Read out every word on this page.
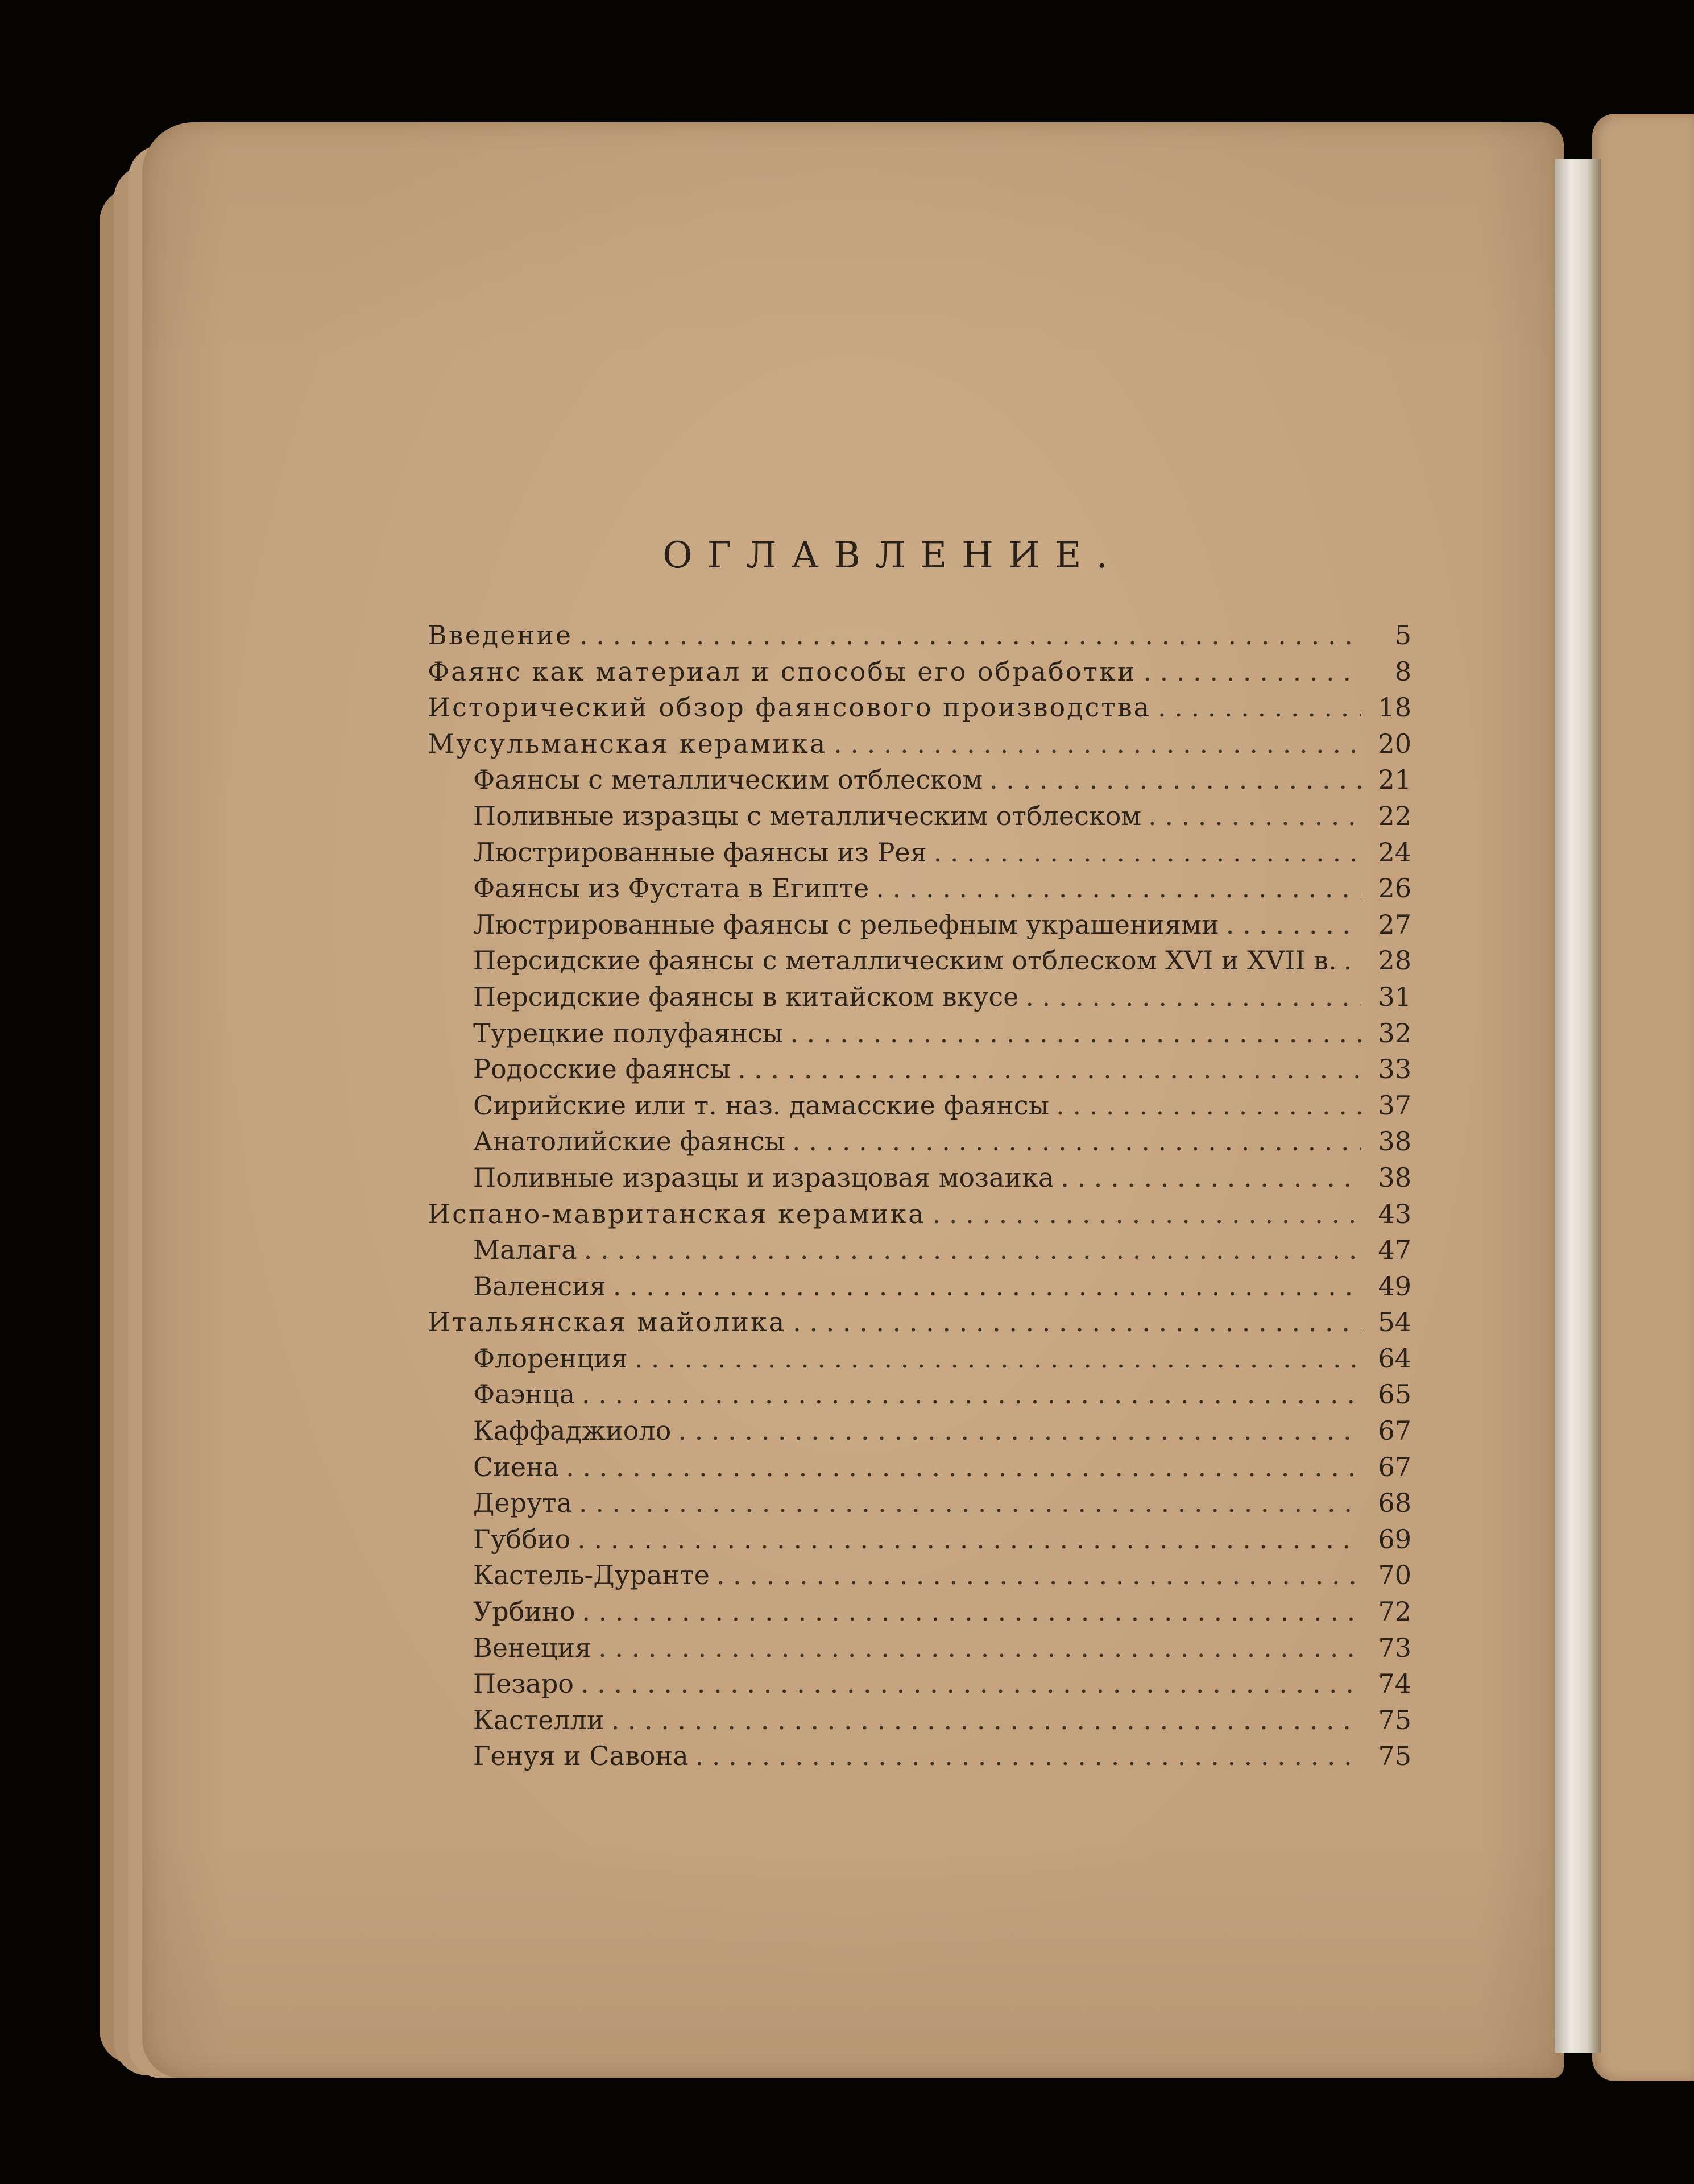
ОГЛАВЛЕНИЕ.
Введение . . .	5
Фаянс как материал и способы его обработки . . .	8
Исторический обзор фаянсового производства . . .	18
Мусульманская керамика . . .	20
Фаянсы с металлическим отблеском . . .	21
Поливные изразцы с металлическим отблеском . . .	22
Люстрированные фаянсы из Рея . . .	24
Фаянсы из Фустата в Египте . . .	26
Люстрированные фаянсы с рельефным украшениями . . .	27
Персидские фаянсы с металлическим отблеском XVI и XVII в. . . .	28
Персидские фаянсы в китайском вкусе . . .	31
Турецкие полуфаянсы . . .	32
Родосские фаянсы . . .	33
Сирийские или т. наз. дамасские фаянсы . . .	37
Анатолийские фаянсы . . .	38
Поливные изразцы и изразцовая мозаика . . .	38
Испано-мавританская керамика . . .	43
Малага . . .	47
Валенсия . . .	49
Итальянская майолика . . .	54
Флоренция . . .	64
Фаэнца . . .	65
Каффаджиоло . . .	67
Сиена . . .	67
Дерута . . .	68
Губбио . . .	69
Кастель-Дуранте . . .	70
Урбино . . .	72
Венеция . . .	73
Пезаро . . .	74
Кастелли . . .	75
Генуя и Савона . . .	75
